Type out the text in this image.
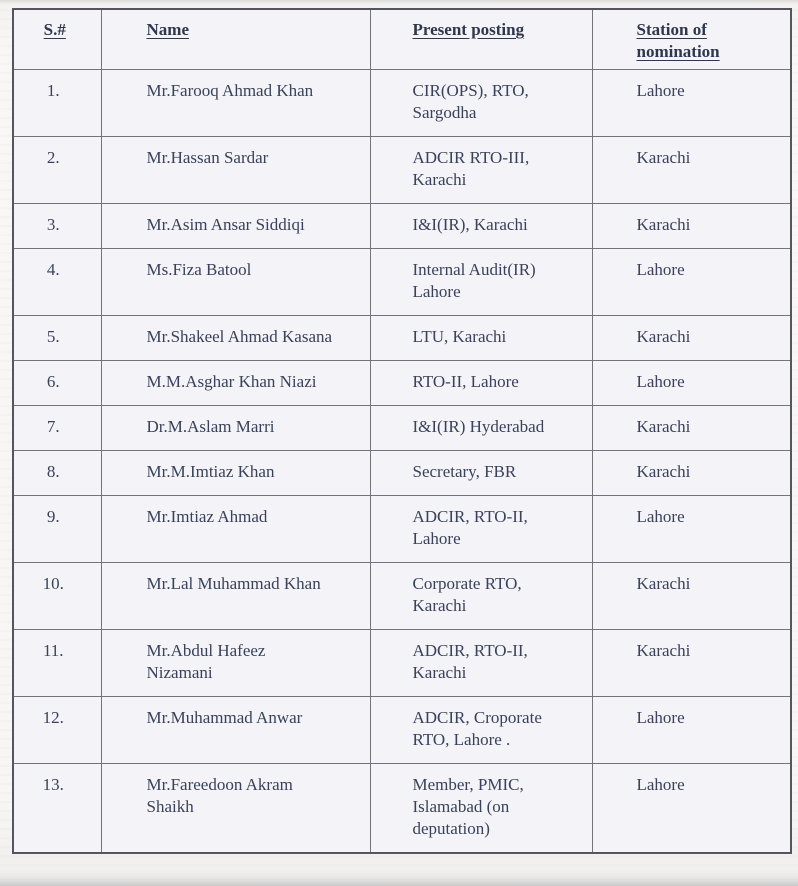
S.#	Name	Present posting	Station of nomination
1.	Mr.Farooq Ahmad Khan	CIR(OPS), RTO, Sargodha	Lahore
2.	Mr.Hassan Sardar	ADCIR RTO-III, Karachi	Karachi
3.	Mr.Asim Ansar Siddiqi	I&I(IR), Karachi	Karachi
4.	Ms.Fiza Batool	Internal Audit(IR) Lahore	Lahore
5.	Mr.Shakeel Ahmad Kasana	LTU, Karachi	Karachi
6.	M.M.Asghar Khan Niazi	RTO-II, Lahore	Lahore
7.	Dr.M.Aslam Marri	I&I(IR) Hyderabad	Karachi
8.	Mr.M.Imtiaz Khan	Secretary, FBR	Karachi
9.	Mr.Imtiaz Ahmad	ADCIR, RTO-II, Lahore	Lahore
10.	Mr.Lal Muhammad Khan	Corporate RTO, Karachi	Karachi
11.	Mr.Abdul Hafeez Nizamani	ADCIR, RTO-II, Karachi	Karachi
12.	Mr.Muhammad Anwar	ADCIR, Croporate RTO, Lahore .	Lahore
13.	Mr.Fareedoon Akram Shaikh	Member, PMIC, Islamabad (on deputation)	Lahore
